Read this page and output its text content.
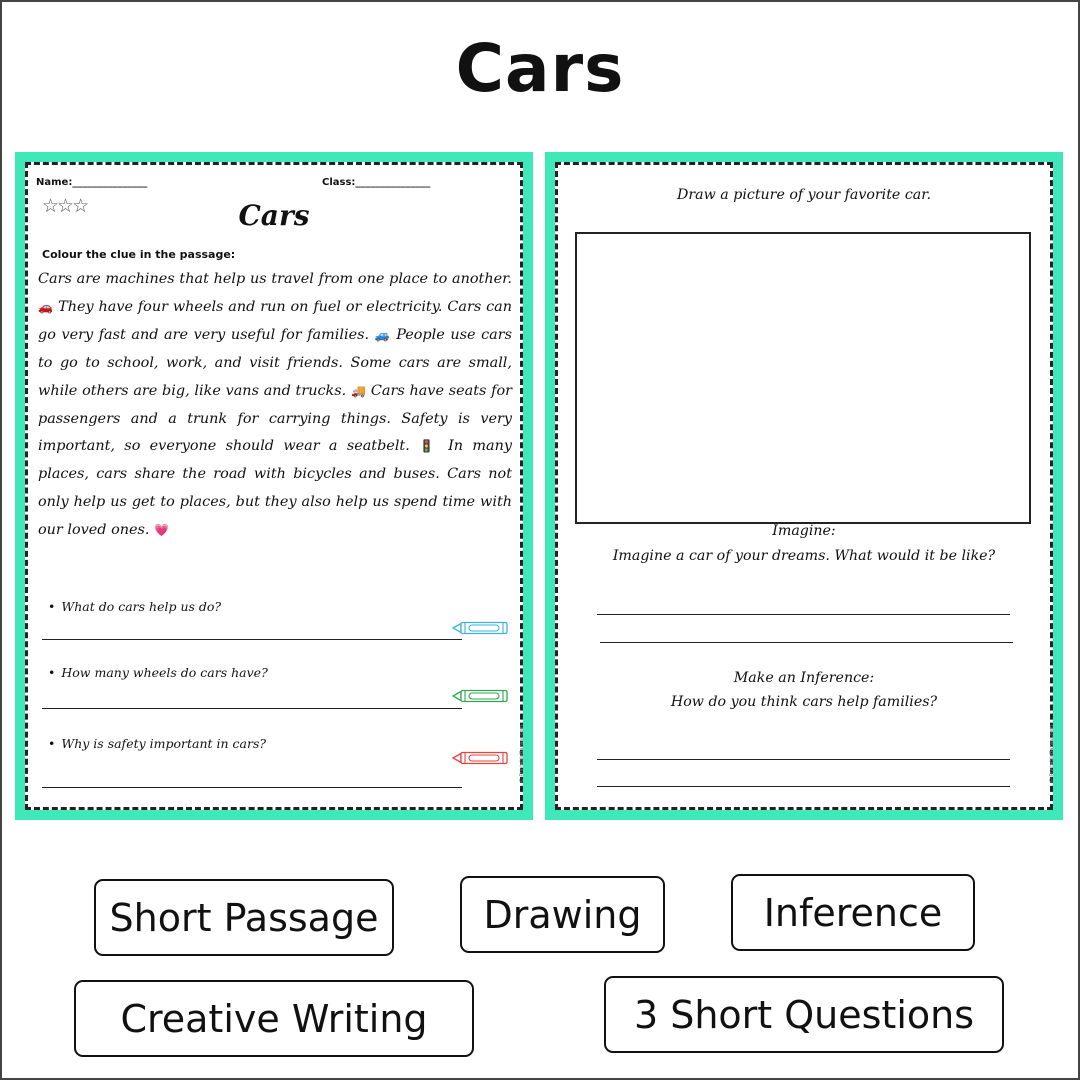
Cars
Name:_______________	Class:_______________
☆☆☆	Cars
Colour the clue in the passage:
Cars are machines that help us travel from one place to another. 🚗 They have four wheels and run on fuel or electricity. Cars can go very fast and are very useful for families. 🚙 People use cars to go to school, work, and visit friends. Some cars are small, while others are big, like vans and trucks. 🚚 Cars have seats for passengers and a trunk for carrying things. Safety is very important, so everyone should wear a seatbelt. 🚦 In many places, cars share the road with bicycles and buses. Cars not only help us get to places, but they also help us spend time with our loved ones. 💗
• What do cars help us do?
• How many wheels do cars have?
• Why is safety important in cars?	© PrintableBazaar.com
Draw a picture of your favorite car.
Imagine:
Imagine a car of your dreams. What would it be like?
Make an Inference:
How do you think cars help families?
© PrintableBazaar.com
Short Passage	Drawing	Inference
Creative Writing	3 Short Questions
